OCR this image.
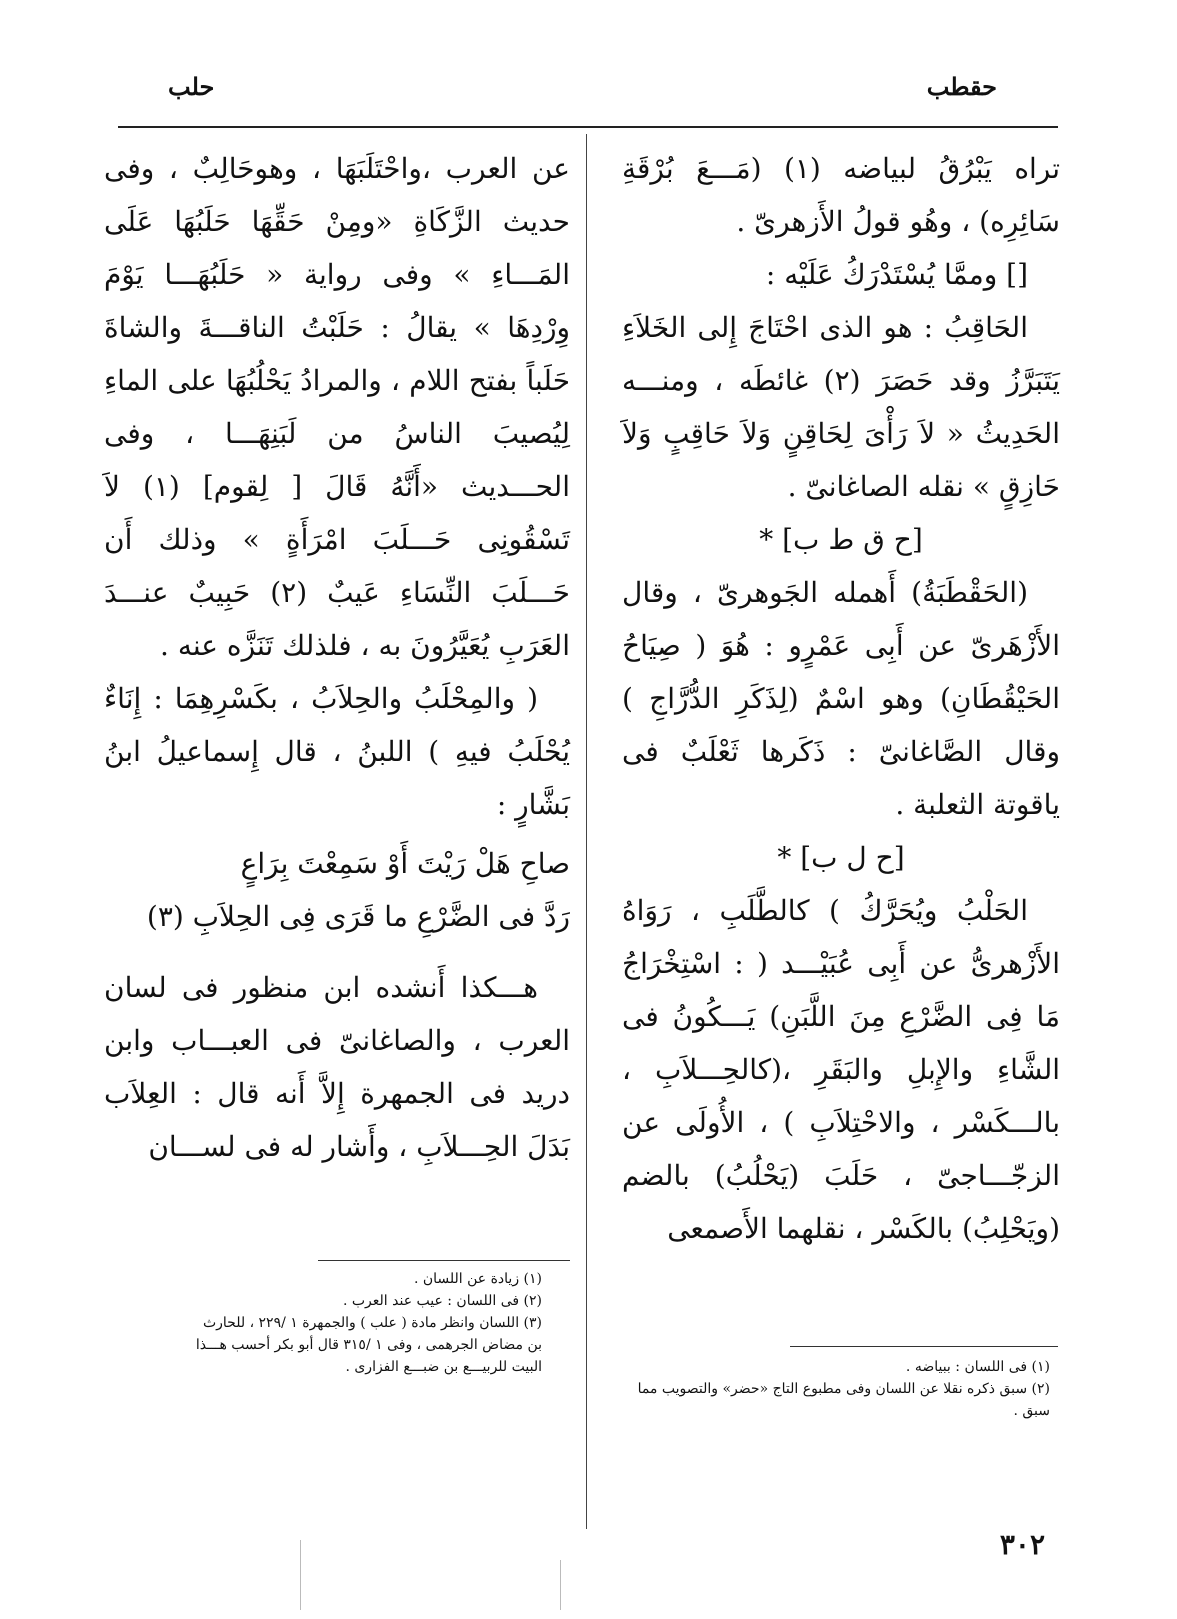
حقطب
حلب

تراه يَبْرُقُ لبياضه (١) (مَـــعَ بُرْقَةِ سَائِرِه) ، وهُو قولُ الأَزهرىّ .

[] وممَّا يُسْتَدْرَكُ عَلَيْه :

الحَاقِبُ : هو الذى احْتَاجَ إِلى الخَلاَءِ يَتَبَرَّزُ وقد حَصَرَ (٢) غائطَه ، ومنـــه الحَدِيثُ « لاَ رَأْىَ لِحَاقِنٍ وَلاَ حَاقِبٍ وَلاَ حَازِقٍ » نقله الصاغانىّ .

[ح ق ط ب] *

(الحَقْطَبَةُ) أَهمله الجَوهرىّ ، وقال الأَزْهَرىّ عن أَبِى عَمْرٍو : هُوَ ( صِيَاحُ الحَيْقُطَانِ) وهو اسْمٌ (لِذَكَرِ الدُّرَّاجِ ) وقال الصَّاغانىّ : ذَكَرها ثَعْلَبٌ فى ياقوتة الثعلبة .

[ح ل ب] *

الحَلْبُ ويُحَرَّكُ ) كالطَّلَبِ ، رَوَاهُ الأَزْهرىُّ عن أَبِى عُبَيْـــد ( : اسْتِخْرَاجُ مَا فِى الضَّرْعِ مِنَ اللَّبَنِ) يَـــكُونُ فى الشَّاءِ والإِبلِ والبَقَرِ ،(كالحِـــلاَبِ ، بالـــكَسْر ، والاحْتِلاَبِ ) ، الأُولَى عن الزجّـــاجىّ ، حَلَبَ (يَحْلُبُ) بالضم (ويَحْلِبُ) بالكَسْر ، نقلهما الأَصمعى

(١) فى اللسان : ببياضه .

(٢) سبق ذكره نقلا عن اللسان وفى مطبوع التاج «حضر» والتصويب مما سبق .

عن العرب ،واحْتَلَبَهَا ، وهوحَالِبٌ ، وفى حديث الزَّكَاةِ «ومِنْ حَقِّهَا حَلَبُهَا عَلَى المَـــاءِ » وفى رواية « حَلَبُهَـــا يَوْمَ وِرْدِهَا » يقالُ : حَلَبْتُ الناقـــةَ والشاةَ حَلَباً بفتح اللام ، والمرادُ يَحْلُبُهَا على الماءِ لِيُصيبَ الناسُ من لَبَنِهَـــا ، وفى الحـــديث «أَنَّهُ قَالَ [ لِقوم] (١) لاَ تَسْقُونِى حَـــلَبَ امْرَأَةٍ » وذلك أَن حَـــلَبَ النِّسَاءِ عَيبٌ (٢) حَبِيبٌ عنـــدَ العَرَبِ يُعَيَّرُونَ به ، فلذلك تَنَزَّه عنه .

( والمِحْلَبُ والحِلاَبُ ، بكَسْرِهِمَا : إِنَاءٌ يُحْلَبُ فيهِ ) اللبنُ ، قال إِسماعيلُ ابنُ بَشَّارٍ :

صاحِ هَلْ رَيْتَ أَوْ سَمِعْتَ بِرَاعٍ

رَدَّ فى الضَّرْعِ ما قَرَى فِى الحِلاَبِ (٣)

هـــكذا أَنشده ابن منظور فى لسان العرب ، والصاغانىّ فى العبـــاب وابن دريد فى الجمهرة إِلاَّ أَنه قال : العِلاَب بَدَلَ الحِـــلاَبِ ، وأَشار له فى لســـان

(١) زيادة عن اللسان .

(٢) فى اللسان : عيب عند العرب .

(٣) اللسان وانظر مادة ( علب ) والجمهرة ١ /٢٢٩ ، للحارث بن مضاض الجرهمى ، وفى ١ /٣١٥ قال أبو بكر أحسب هـــذا البيت للربيـــع بن ضبـــع الفزارى .

٣٠٢
